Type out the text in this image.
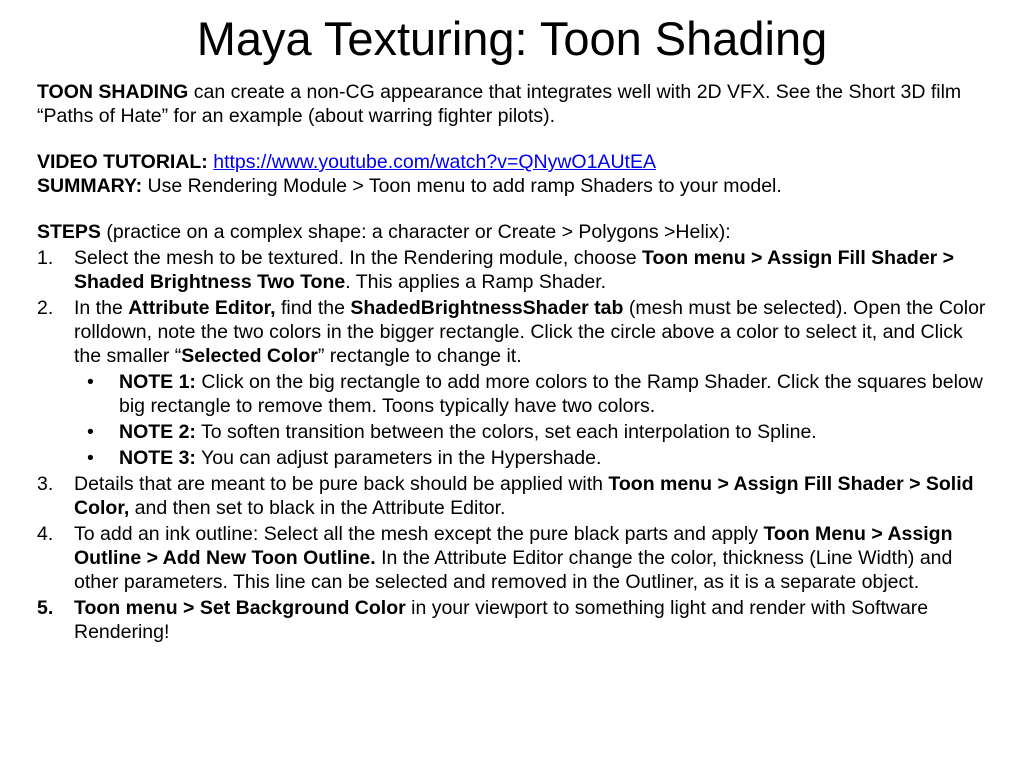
Maya Texturing: Toon Shading

TOON SHADING can create a non-CG appearance that integrates well with 2D VFX. See the Short 3D film “Paths of Hate” for an example (about warring fighter pilots).

VIDEO TUTORIAL: https://www.youtube.com/watch?v=QNywO1AUtEA

SUMMARY: Use Rendering Module > Toon menu to add ramp Shaders to your model.

STEPS (practice on a complex shape: a character or Create > Polygons >Helix):

1. Select the mesh to be textured. In the Rendering module, choose Toon menu > Assign Fill Shader > Shaded Brightness Two Tone. This applies a Ramp Shader.
2. In the Attribute Editor, find the ShadedBrightnessShader tab (mesh must be selected). Open the Color rolldown, note the two colors in the bigger rectangle. Click the circle above a color to select it, and Click the smaller “Selected Color” rectangle to change it.
• NOTE 1: Click on the big rectangle to add more colors to the Ramp Shader. Click the squares below big rectangle to remove them. Toons typically have two colors.
• NOTE 2: To soften transition between the colors, set each interpolation to Spline.
• NOTE 3: You can adjust parameters in the Hypershade.
3. Details that are meant to be pure back should be applied with Toon menu > Assign Fill Shader > Solid Color, and then set to black in the Attribute Editor.
4. To add an ink outline: Select all the mesh except the pure black parts and apply Toon Menu > Assign Outline > Add New Toon Outline. In the Attribute Editor change the color, thickness (Line Width) and other parameters. This line can be selected and removed in the Outliner, as it is a separate object.
5. Toon menu > Set Background Color in your viewport to something light and render with Software Rendering!
